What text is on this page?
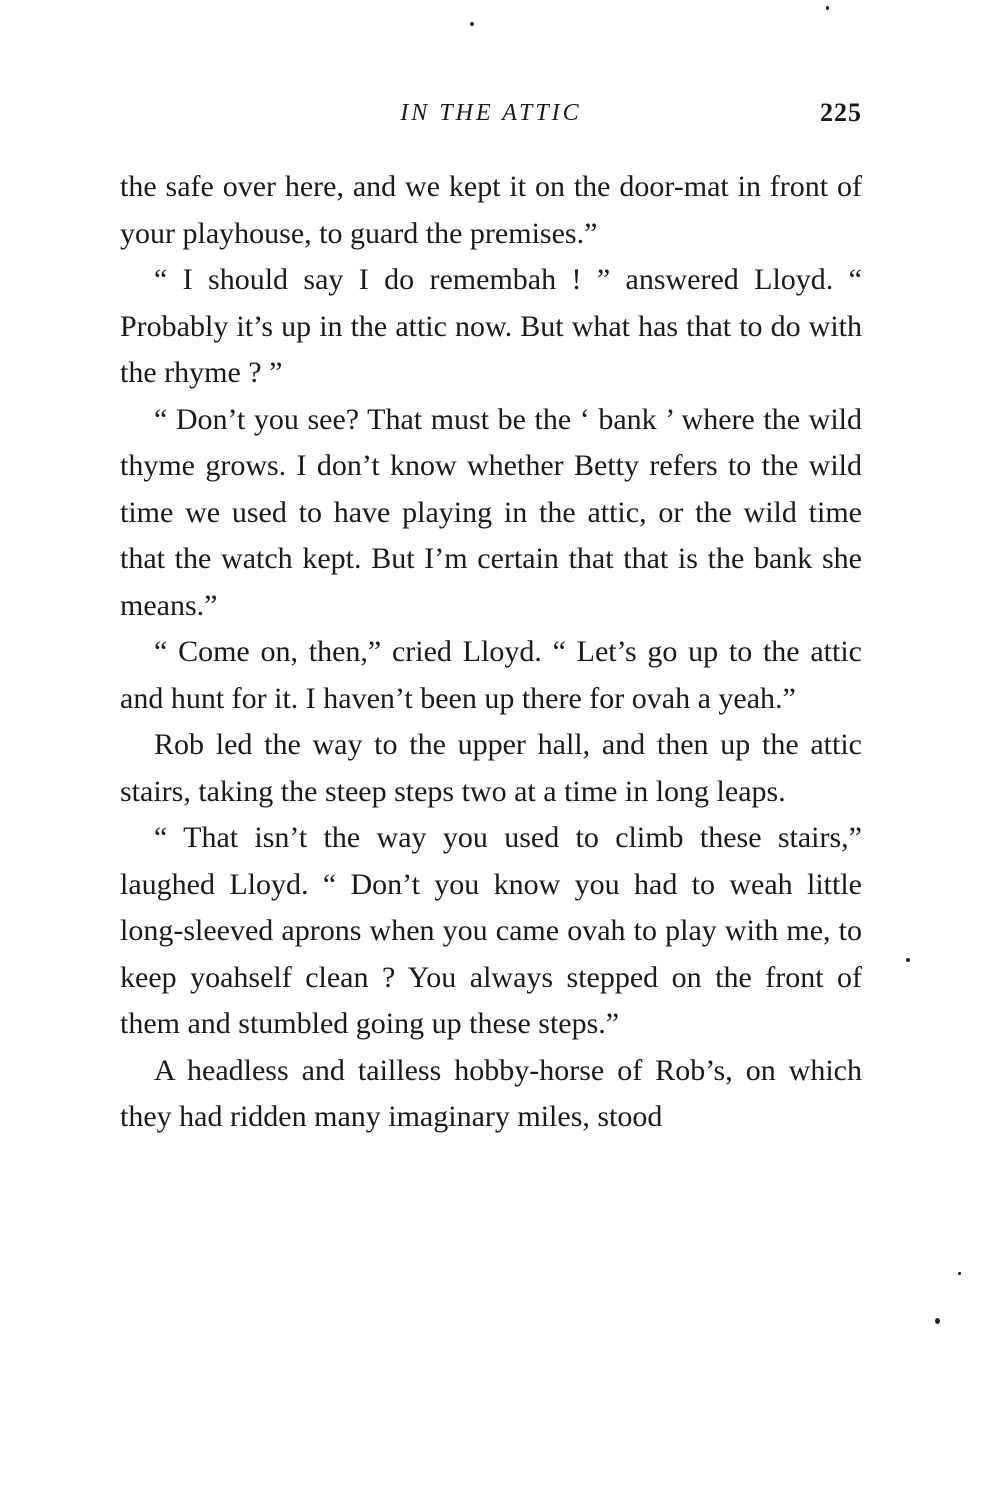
IN THE ATTIC	225

the safe over here, and we kept it on the door-mat in front of your playhouse, to guard the premises.”

“ I should say I do remembah ! ” answered Lloyd. “ Probably it’s up in the attic now. But what has that to do with the rhyme ? ”

“ Don’t you see? That must be the ‘ bank ’ where the wild thyme grows. I don’t know whether Betty refers to the wild time we used to have playing in the attic, or the wild time that the watch kept. But I’m certain that that is the bank she means.”

“ Come on, then,” cried Lloyd. “ Let’s go up to the attic and hunt for it. I haven’t been up there for ovah a yeah.”

Rob led the way to the upper hall, and then up the attic stairs, taking the steep steps two at a time in long leaps.

“ That isn’t the way you used to climb these stairs,” laughed Lloyd. “ Don’t you know you had to weah little long-sleeved aprons when you came ovah to play with me, to keep yoahself clean ? You always stepped on the front of them and stumbled going up these steps.”

A headless and tailless hobby-horse of Rob’s, on which they had ridden many imaginary miles, stood
